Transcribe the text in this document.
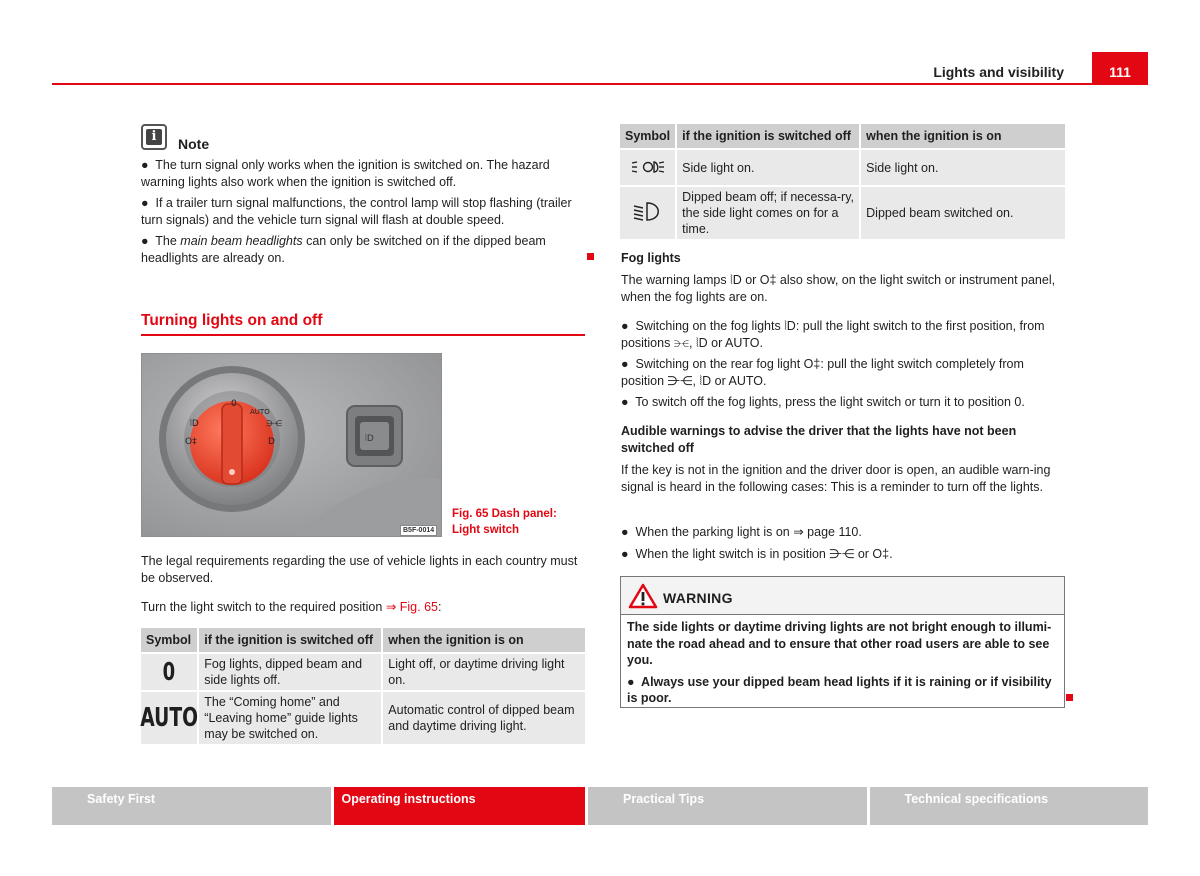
Lights and visibility	111
i	Note

●  The turn signal only works when the ignition is switched on. The hazard warning lights also work when the ignition is switched off.

●  If a trailer turn signal malfunctions, the control lamp will stop flashing (trailer turn signals) and the vehicle turn signal will flash at double speed.

●  The main beam headlights can only be switched on if the dipped beam headlights are already on.

Turning lights on and off
0
AUTO
⋺⋲
D
⦚D
O‡	⦚D
B5F-0014
Fig. 65 Dash panel:
Light switch
The legal requirements regarding the use of vehicle lights in each country must be observed.
Turn the light switch to the required position ⇒ Fig. 65:
Symbol	if the ignition is switched off	when the ignition is on
0	Fog lights, dipped beam and side lights off.	Light off, or daytime driving light on.
AUTO	The “Coming home” and “Leaving home” guide lights may be switched on.	Automatic control of dipped beam and daytime driving light.
Symbol	if the ignition is switched off	when the ignition is on
	Side light on.	Side light on.
	Dipped beam off; if necessa-ry, the side light comes on for a time.	Dipped beam switched on.
Fog lights
The warning lamps ⦚D or O‡ also show, on the light switch or instrument panel, when the fog lights are on.

●  Switching on the fog lights ⦚D: pull the light switch to the first position, from positions ⋺⋲, ⦚D or AUTO.

●  Switching on the rear fog light O‡: pull the light switch completely from position ⋺⋲, ⦚D or AUTO.

●  To switch off the fog lights, press the light switch or turn it to position 0.

Audible warnings to advise the driver that the lights have not been switched off
If the key is not in the ignition and the driver door is open, an audible warn-ing signal is heard in the following cases: This is a reminder to turn off the lights.

●  When the parking light is on ⇒ page 110.

●  When the light switch is in position ⋺⋲ or O‡.

WARNING

The side lights or daytime driving lights are not bright enough to illumi-nate the road ahead and to ensure that other road users are able to see you.

●  Always use your dipped beam head lights if it is raining or if visibility is poor.

Safety First	Operating instructions	Practical Tips	Technical specifications
